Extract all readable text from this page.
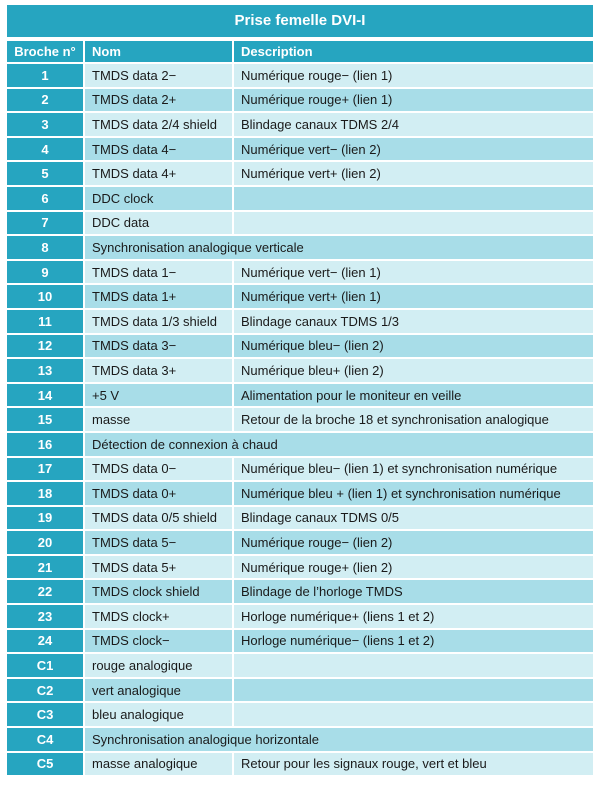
Prise femelle DVI-I
Broche n°	Nom	Description
1	TMDS data 2−	Numérique rouge− (lien 1)
2	TMDS data 2+	Numérique rouge+ (lien 1)
3	TMDS data 2/4 shield	Blindage canaux TDMS 2/4
4	TMDS data 4−	Numérique vert− (lien 2)
5	TMDS data 4+	Numérique vert+ (lien 2)
6	DDC clock	
7	DDC data	
8	Synchronisation analogique verticale	
9	TMDS data 1−	Numérique vert− (lien 1)
10	TMDS data 1+	Numérique vert+ (lien 1)
11	TMDS data 1/3 shield	Blindage canaux TDMS 1/3
12	TMDS data 3−	Numérique bleu− (lien 2)
13	TMDS data 3+	Numérique bleu+ (lien 2)
14	+5 V	Alimentation pour le moniteur en veille
15	masse	Retour de la broche 18 et synchronisation analogique
16	Détection de connexion à chaud	
17	TMDS data 0−	Numérique bleu− (lien 1) et synchronisation numérique
18	TMDS data 0+	Numérique bleu + (lien 1) et synchronisation numérique
19	TMDS data 0/5 shield	Blindage canaux TDMS 0/5
20	TMDS data 5−	Numérique rouge− (lien 2)
21	TMDS data 5+	Numérique rouge+ (lien 2)
22	TMDS clock shield	Blindage de l’horloge TMDS
23	TMDS clock+	Horloge numérique+ (liens 1 et 2)
24	TMDS clock−	Horloge numérique− (liens 1 et 2)
C1	rouge analogique	
C2	vert analogique	
C3	bleu analogique	
C4	Synchronisation analogique horizontale	
C5	masse analogique	Retour pour les signaux rouge, vert et bleu
